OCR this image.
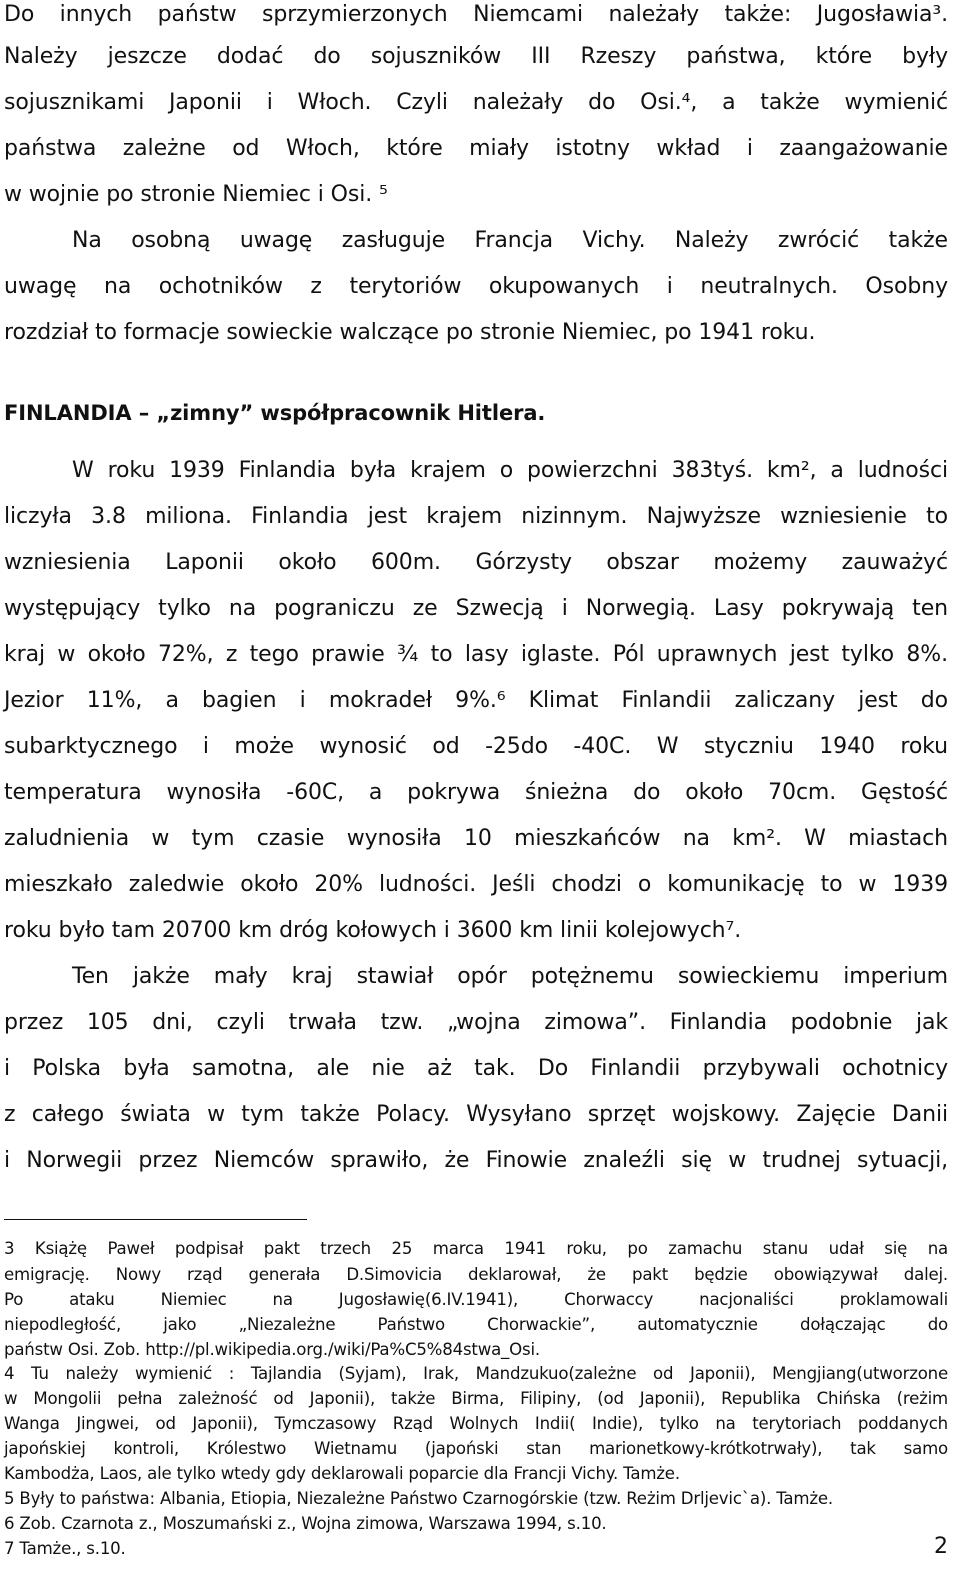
Do innych państw sprzymierzonych Niemcami należały także: Jugosławia³.

Należy jeszcze dodać do sojuszników III Rzeszy państwa, które były

sojusznikami Japonii i Włoch. Czyli należały do Osi.⁴, a także wymienić

państwa zależne od Włoch, które miały istotny wkład i zaangażowanie

w wojnie po stronie Niemiec i Osi. ⁵

Na osobną uwagę zasługuje Francja Vichy. Należy zwrócić także

uwagę na ochotników z terytoriów okupowanych i neutralnych. Osobny

rozdział to formacje sowieckie walczące po stronie Niemiec, po 1941 roku.

FINLANDIA – „zimny” współpracownik Hitlera.

W roku 1939 Finlandia była krajem o powierzchni 383tyś. km², a ludności

liczyła 3.8 miliona. Finlandia jest krajem nizinnym. Najwyższe wzniesienie to

wzniesienia Laponii około 600m. Górzysty obszar możemy zauważyć

występujący tylko na pograniczu ze Szwecją i Norwegią. Lasy pokrywają ten

kraj w około 72%, z tego prawie ¾ to lasy iglaste. Pól uprawnych jest tylko 8%.

Jezior 11%, a bagien i mokradeł 9%.⁶ Klimat Finlandii zaliczany jest do

subarktycznego i może wynosić od -25do -40C. W styczniu 1940 roku

temperatura wynosiła -60C, a pokrywa śnieżna do około 70cm. Gęstość

zaludnienia w tym czasie wynosiła 10 mieszkańców na km². W miastach

mieszkało zaledwie około 20% ludności. Jeśli chodzi o komunikację to w 1939

roku było tam 20700 km dróg kołowych i 3600 km linii kolejowych⁷.

Ten jakże mały kraj stawiał opór potężnemu sowieckiemu imperium

przez 105 dni, czyli trwała tzw. „wojna zimowa”. Finlandia podobnie jak

i Polska była samotna, ale nie aż tak. Do Finlandii przybywali ochotnicy

z całego świata w tym także Polacy. Wysyłano sprzęt wojskowy. Zajęcie Danii

i Norwegii przez Niemców sprawiło, że Finowie znaleźli się w trudnej sytuacji,

3 Książę Paweł podpisał pakt trzech 25 marca 1941 roku, po zamachu stanu udał się na

emigrację. Nowy rząd generała D.Simovicia deklarował, że pakt będzie obowiązywał dalej.

Po ataku Niemiec na Jugosławię(6.IV.1941), Chorwaccy nacjonaliści proklamowali

niepodległość, jako „Niezależne Państwo Chorwackie”, automatycznie dołączając do

państw Osi. Zob. http://pl.wikipedia.org./wiki/Pa%C5%84stwa_Osi.

4 Tu należy wymienić : Tajlandia (Syjam), Irak, Mandzukuo(zależne od Japonii), Mengjiang(utworzone

w Mongolii pełna zależność od Japonii), także Birma, Filipiny, (od Japonii), Republika Chińska (reżim

Wanga Jingwei, od Japonii), Tymczasowy Rząd Wolnych Indii( Indie), tylko na terytoriach poddanych

japońskiej kontroli, Królestwo Wietnamu (japoński stan marionetkowy-krótkotrwały), tak samo

Kambodża, Laos, ale tylko wtedy gdy deklarowali poparcie dla Francji Vichy. Tamże.

5 Były to państwa: Albania, Etiopia, Niezależne Państwo Czarnogórskie (tzw. Reżim Drljevic`a). Tamże.

6 Zob. Czarnota z., Moszumański z., Wojna zimowa, Warszawa 1994, s.10.

7 Tamże., s.10.	2
